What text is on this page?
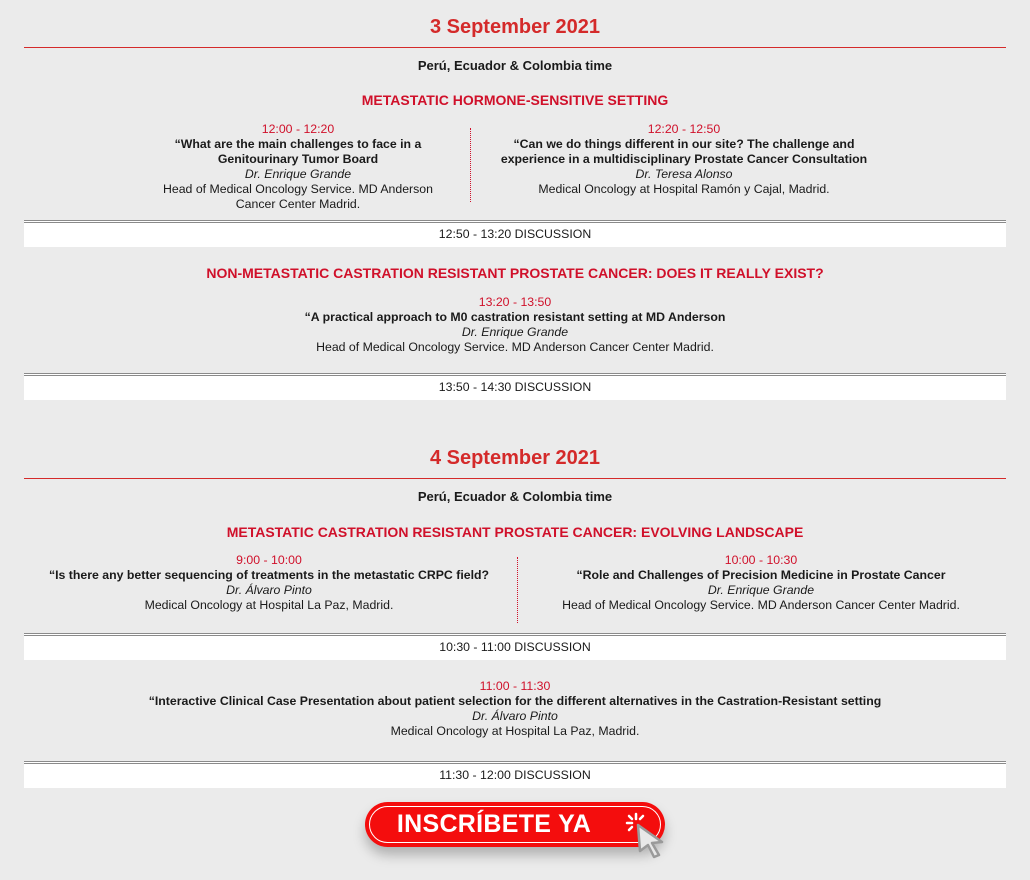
3 September 2021
Perú, Ecuador & Colombia time
METASTATIC HORMONE-SENSITIVE SETTING
12:00 - 12:20
“What are the main challenges to face in a
Genitourinary Tumor Board
Dr. Enrique Grande
Head of Medical Oncology Service. MD Anderson
Cancer Center Madrid.
12:20 - 12:50
“Can we do things different in our site? The challenge and
experience in a multidisciplinary Prostate Cancer Consultation
Dr. Teresa Alonso
Medical Oncology at Hospital Ramón y Cajal, Madrid.
12:50 - 13:20 DISCUSSION
NON-METASTATIC CASTRATION RESISTANT PROSTATE CANCER: DOES IT REALLY EXIST?
13:20 - 13:50
“A practical approach to M0 castration resistant setting at MD Anderson
Dr. Enrique Grande
Head of Medical Oncology Service. MD Anderson Cancer Center Madrid.
13:50 - 14:30 DISCUSSION
4 September 2021
Perú, Ecuador & Colombia time
METASTATIC CASTRATION RESISTANT PROSTATE CANCER: EVOLVING LANDSCAPE
9:00 - 10:00
“Is there any better sequencing of treatments in the metastatic CRPC field?
Dr. Álvaro Pinto
Medical Oncology at Hospital La Paz, Madrid.
10:00 - 10:30
“Role and Challenges of Precision Medicine in Prostate Cancer
Dr. Enrique Grande
Head of Medical Oncology Service. MD Anderson Cancer Center Madrid.
10:30 - 11:00 DISCUSSION
11:00 - 11:30
“Interactive Clinical Case Presentation about patient selection for the different alternatives in the Castration-Resistant setting
Dr. Álvaro Pinto
Medical Oncology at Hospital La Paz, Madrid.
11:30 - 12:00 DISCUSSION
INSCRÍBETE YA
